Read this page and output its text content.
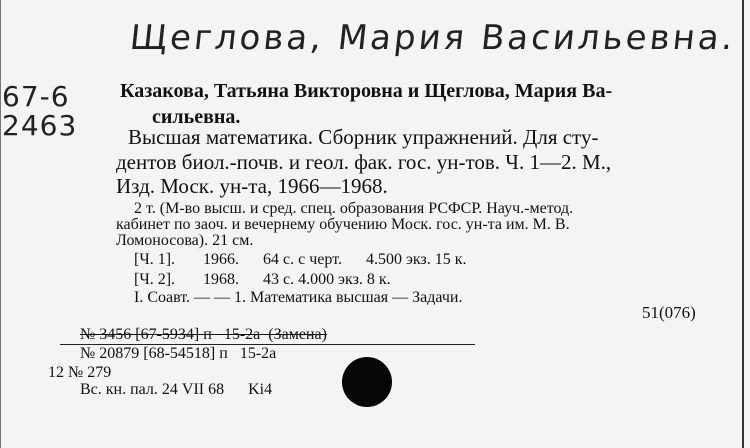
Щеглова, Мария Васильевна.
67-6
2463
Казакова, Татьяна Викторовна и Щеглова, Мария Ва-
сильевна.
Высшая математика. Сборник упражнений. Для сту-
дентов биол.-почв. и геол. фак. гос. ун-тов. Ч. 1—2. М.,
Изд. Моск. ун-та, 1966—1968.
2 т. (М-во высш. и сред. спец. образования РСФСР. Науч.-метод.
кабинет по заоч. и вечернему обучению Моск. гос. ун-та им. М. В.
Ломоносова). 21 см.
[Ч. 1].       1966.      64 с. с черт.      4.500 экз. 15 к.
[Ч. 2].       1968.      43 с. 4.000 экз. 8 к.
I. Соавт. — — 1. Математика высшая — Задачи.
51(076)
№ 3456 [67-5934] п   15-2а  (Замена)
№ 20879 [68-54518] п   15-2а
12 № 279
Вс. кн. пал. 24 VII 68      Ki4
